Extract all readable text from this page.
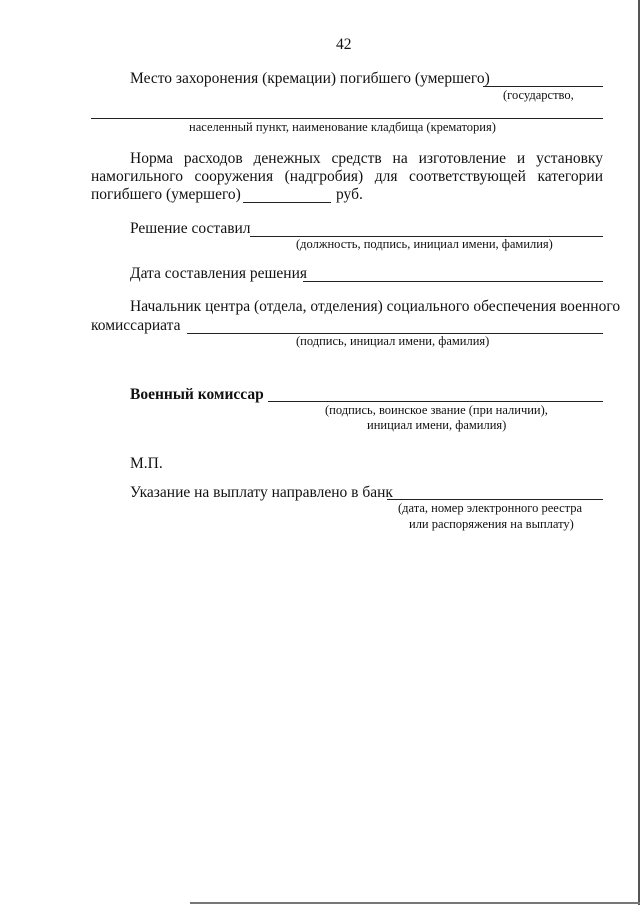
42
Место захоронения (кремации) погибшего (умершего)
(государство,
населенный пункт, наименование кладбища (крематория)
Норма расходов денежных средств на изготовление и установку
намогильного сооружения (надгробия) для соответствующей категории
погибшего (умершего)	руб.
Решение составил
(должность, подпись, инициал имени, фамилия)
Дата составления решения
Начальник центра (отдела, отделения) социального обеспечения военного
комиссариата
(подпись, инициал имени, фамилия)
Военный комиссар
(подпись, воинское звание (при наличии),
инициал имени, фамилия)
М.П.
Указание на выплату направлено в банк
(дата, номер электронного реестра
или распоряжения на выплату)
